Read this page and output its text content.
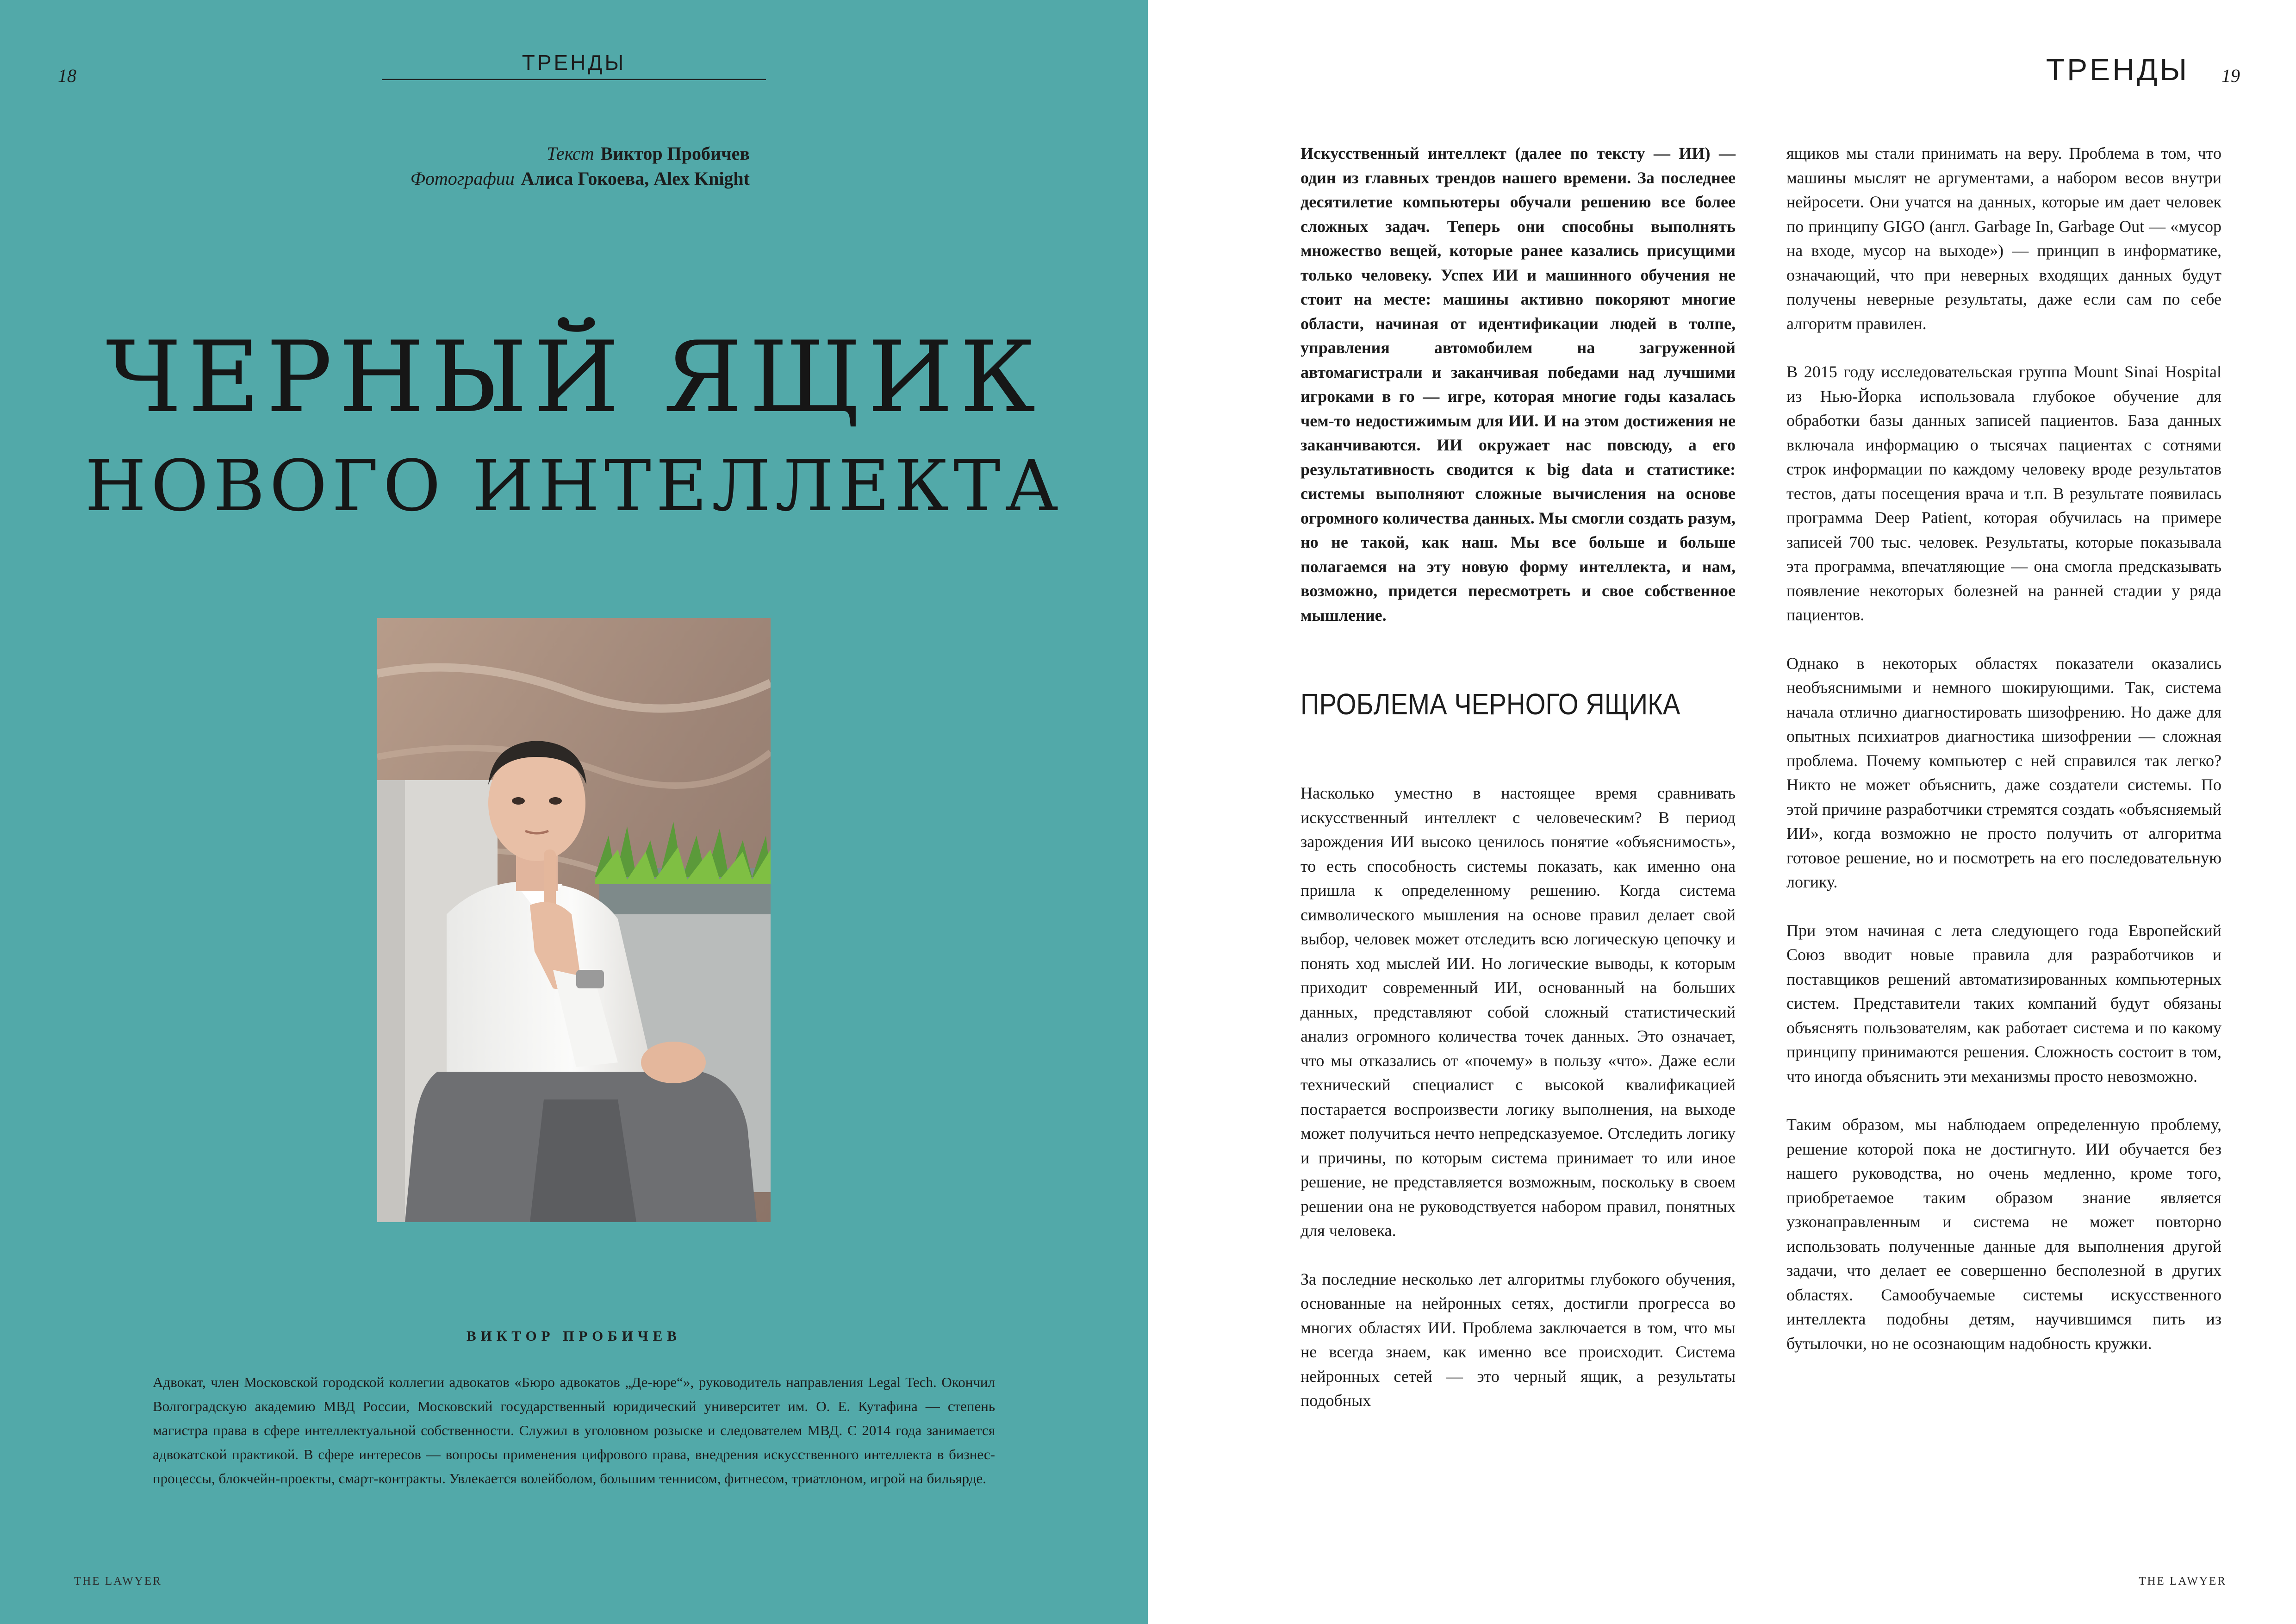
18
ТРЕНДЫ
Текст Виктор Пробичев
Фотографии Алиса Гокоева, Alex Knight
ЧЕРНЫЙ ЯЩИК
НОВОГО ИНТЕЛЛЕКТА
ВИКТОР ПРОБИЧЕВ
Адвокат, член Московской городской коллегии адвокатов «Бюро адвокатов „Де-юре“», руководитель направления Legal Tech. Окончил Волгоградскую академию МВД России, Московский государственный юридический университет им. О. Е. Кутафина — степень магистра права в сфере интеллектуальной собственности. Служил в уголовном розыске и следователем МВД. С 2014 года занимается адвокатской практикой. В сфере интересов — вопросы применения цифрового права, внедрения искусственного интеллекта в бизнес-процессы, блокчейн-проекты, смарт-контракты. Увлекается волейболом, большим теннисом, фитнесом, триатлоном, игрой на бильярде.
THE LAWYER
ТРЕНДЫ 19

Искусственный интеллект (далее по тексту — ИИ) — один из главных трендов нашего времени. За последнее десятилетие компьютеры обучали решению все более сложных задач. Теперь они способны выполнять множество вещей, которые ранее казались присущими только человеку. Успех ИИ и машинного обучения не стоит на месте: машины активно покоряют многие области, начиная от идентификации людей в толпе, управления автомобилем на загруженной автомагистрали и заканчивая победами над лучшими игроками в го — игре, которая многие годы казалась чем-то недостижимым для ИИ. И на этом достижения не заканчиваются. ИИ окружает нас повсюду, а его результативность сводится к big data и статистике: системы выполняют сложные вычисления на основе огромного количества данных. Мы смогли создать разум, но не такой, как наш. Мы все больше и больше полагаемся на эту новую форму интеллекта, и нам, возможно, придется пересмотреть и свое собственное мышление.

ПРОБЛЕМА ЧЕРНОГО ЯЩИКА

Насколько уместно в настоящее время сравнивать искусственный интеллект с человеческим? В период зарождения ИИ высоко ценилось понятие «объяснимость», то есть способность системы показать, как именно она пришла к определенному решению. Когда система символического мышления на основе правил делает свой выбор, человек может отследить всю логическую цепочку и понять ход мыслей ИИ. Но логические выводы, к которым приходит современный ИИ, основанный на больших данных, представляют собой сложный статистический анализ огромного количества точек данных. Это означает, что мы отказались от «почему» в пользу «что». Даже если технический специалист с высокой квалификацией постарается воспроизвести логику выполнения, на выходе может получиться нечто непредсказуемое. Отследить логику и причины, по которым система принимает то или иное решение, не представляется возможным, поскольку в своем решении она не руководствуется набором правил, понятных для человека.

За последние несколько лет алгоритмы глубокого обучения, основанные на нейронных сетях, достигли прогресса во многих областях ИИ. Проблема заключается в том, что мы не всегда знаем, как именно все происходит. Система нейронных сетей — это черный ящик, а результаты подобных

ящиков мы стали принимать на веру. Проблема в том, что машины мыслят не аргументами, а набором весов внутри нейросети. Они учатся на данных, которые им дает человек по принципу GIGO (англ. Garbage In, Garbage Out — «мусор на входе, мусор на выходе») — принцип в информатике, означающий, что при неверных входящих данных будут получены неверные результаты, даже если сам по себе алгоритм правилен.

В 2015 году исследовательская группа Mount Sinai Hospital из Нью-Йорка использовала глубокое обучение для обработки базы данных записей пациентов. База данных включала информацию о тысячах пациентах с сотнями строк информации по каждому человеку вроде результатов тестов, даты посещения врача и т.п. В результате появилась программа Deep Patient, которая обучилась на примере записей 700 тыс. человек. Результаты, которые показывала эта программа, впечатляющие — она смогла предсказывать появление некоторых болезней на ранней стадии у ряда пациентов.

Однако в некоторых областях показатели оказались необъяснимыми и немного шокирующими. Так, система начала отлично диагностировать шизофрению. Но даже для опытных психиатров диагностика шизофрении — сложная проблема. Почему компьютер с ней справился так легко? Никто не может объяснить, даже создатели системы. По этой причине разработчики стремятся создать «объясняемый ИИ», когда возможно не просто получить от алгоритма готовое решение, но и посмотреть на его последовательную логику.

При этом начиная с лета следующего года Европейский Союз вводит новые правила для разработчиков и поставщиков решений автоматизированных компьютерных систем. Представители таких компаний будут обязаны объяснять пользователям, как работает система и по какому принципу принимаются решения. Сложность состоит в том, что иногда объяснить эти механизмы просто невозможно.

Таким образом, мы наблюдаем определенную проблему, решение которой пока не достигнуто. ИИ обучается без нашего руководства, но очень медленно, кроме того, приобретаемое таким образом знание является узконаправленным и система не может повторно использовать полученные данные для выполнения другой задачи, что делает ее совершенно бесполезной в других областях. Самообучаемые системы искусственного интеллекта подобны детям, научившимся пить из бутылочки, но не осознающим надобность кружки.

THE LAWYER
